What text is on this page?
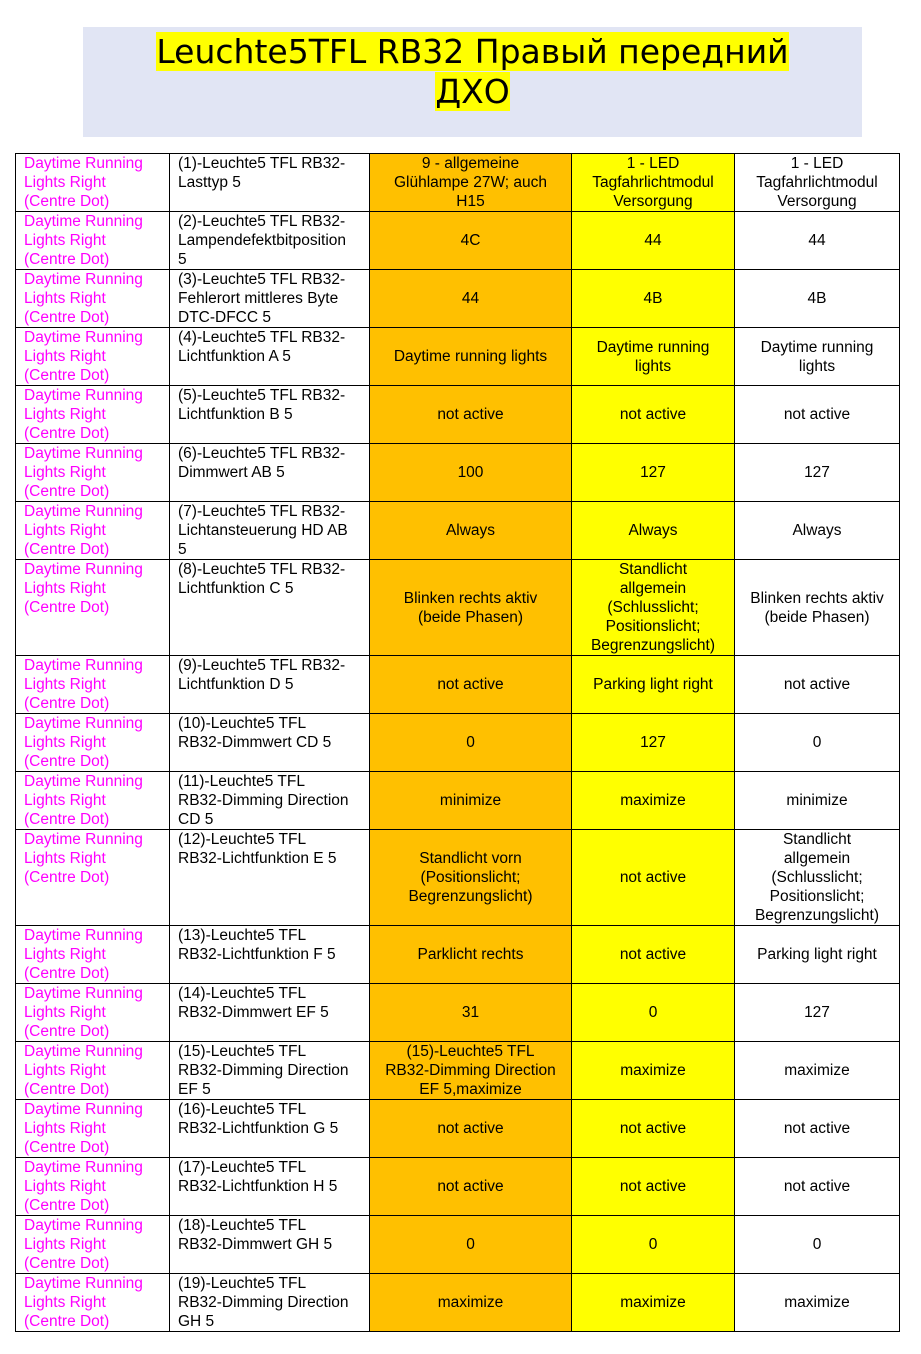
Leuchte5TFL RB32 Правый передний
ДХО
Daytime Running
Lights Right
(Centre Dot)	(1)-Leuchte5 TFL RB32-
Lasttyp 5	9 - allgemeine
Glühlampe 27W; auch
H15	1 - LED
Tagfahrlichtmodul
Versorgung	1 - LED
Tagfahrlichtmodul
Versorgung
Daytime Running
Lights Right
(Centre Dot)	(2)-Leuchte5 TFL RB32-
Lampendefektbitposition
5	4C	44	44
Daytime Running
Lights Right
(Centre Dot)	(3)-Leuchte5 TFL RB32-
Fehlerort mittleres Byte
DTC-DFCC 5	44	4B	4B
Daytime Running
Lights Right
(Centre Dot)	(4)-Leuchte5 TFL RB32-
Lichtfunktion A 5	Daytime running lights	Daytime running
lights	Daytime running
lights
Daytime Running
Lights Right
(Centre Dot)	(5)-Leuchte5 TFL RB32-
Lichtfunktion B 5	not active	not active	not active
Daytime Running
Lights Right
(Centre Dot)	(6)-Leuchte5 TFL RB32-
Dimmwert AB 5	100	127	127
Daytime Running
Lights Right
(Centre Dot)	(7)-Leuchte5 TFL RB32-
Lichtansteuerung HD AB
5	Always	Always	Always
Daytime Running
Lights Right
(Centre Dot)	(8)-Leuchte5 TFL RB32-
Lichtfunktion C 5	Blinken rechts aktiv
(beide Phasen)	Standlicht
allgemein
(Schlusslicht;
Positionslicht;
Begrenzungslicht)	Blinken rechts aktiv
(beide Phasen)
Daytime Running
Lights Right
(Centre Dot)	(9)-Leuchte5 TFL RB32-
Lichtfunktion D 5	not active	Parking light right	not active
Daytime Running
Lights Right
(Centre Dot)	(10)-Leuchte5 TFL
RB32-Dimmwert CD 5	0	127	0
Daytime Running
Lights Right
(Centre Dot)	(11)-Leuchte5 TFL
RB32-Dimming Direction
CD 5	minimize	maximize	minimize
Daytime Running
Lights Right
(Centre Dot)	(12)-Leuchte5 TFL
RB32-Lichtfunktion E 5	Standlicht vorn
(Positionslicht;
Begrenzungslicht)	not active	Standlicht
allgemein
(Schlusslicht;
Positionslicht;
Begrenzungslicht)
Daytime Running
Lights Right
(Centre Dot)	(13)-Leuchte5 TFL
RB32-Lichtfunktion F 5	Parklicht rechts	not active	Parking light right
Daytime Running
Lights Right
(Centre Dot)	(14)-Leuchte5 TFL
RB32-Dimmwert EF 5	31	0	127
Daytime Running
Lights Right
(Centre Dot)	(15)-Leuchte5 TFL
RB32-Dimming Direction
EF 5	(15)-Leuchte5 TFL
RB32-Dimming Direction
EF 5,maximize	maximize	maximize
Daytime Running
Lights Right
(Centre Dot)	(16)-Leuchte5 TFL
RB32-Lichtfunktion G 5	not active	not active	not active
Daytime Running
Lights Right
(Centre Dot)	(17)-Leuchte5 TFL
RB32-Lichtfunktion H 5	not active	not active	not active
Daytime Running
Lights Right
(Centre Dot)	(18)-Leuchte5 TFL
RB32-Dimmwert GH 5	0	0	0
Daytime Running
Lights Right
(Centre Dot)	(19)-Leuchte5 TFL
RB32-Dimming Direction
GH 5	maximize	maximize	maximize
